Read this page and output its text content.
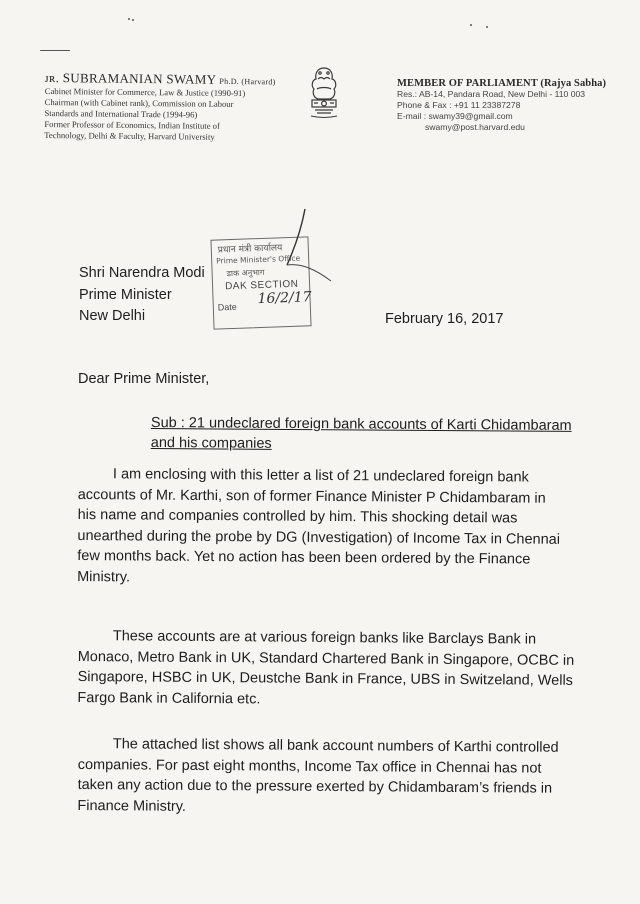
ᴊʀ. SUBRAMANIAN SWAMY Ph.D. (Harvard)
Cabinet Minister for Commerce, Law & Justice (1990-91)
Chairman (with Cabinet rank), Commission on Labour
Standards and International Trade (1994-96)
Former Professor of Economics, Indian Institute of
Technology, Delhi & Faculty, Harvard University
MEMBER OF PARLIAMENT (Rajya Sabha)
Res.: AB-14, Pandara Road, New Delhi - 110 003
Phone & Fax : +91 11 23387278
E-mail : swamy39@gmail.com
swamy@post.harvard.edu
प्रधान मंत्री कार्यालय
Prime Minister's Office
डाक अनुभाग
DAK SECTION
Date
16/2/17
Shri Narendra Modi
Prime Minister
New Delhi	February 16, 2017
Dear Prime Minister,
Sub : 21 undeclared foreign bank accounts of Karti Chidambaram
and his companies
I am enclosing with this letter a list of 21 undeclared foreign bank
accounts of Mr. Karthi, son of former Finance Minister P Chidambaram in
his name and companies controlled by him. This shocking detail was
unearthed during the probe by DG (Investigation) of Income Tax in Chennai
few months back. Yet no action has been been ordered by the Finance
Ministry.
These accounts are at various foreign banks like Barclays Bank in
Monaco, Metro Bank in UK, Standard Chartered Bank in Singapore, OCBC in
Singapore, HSBC in UK, Deustche Bank in France, UBS in Switzeland, Wells
Fargo Bank in California etc.
The attached list shows all bank account numbers of Karthi controlled
companies. For past eight months, Income Tax office in Chennai has not
taken any action due to the pressure exerted by Chidambaram’s friends in
Finance Ministry.
